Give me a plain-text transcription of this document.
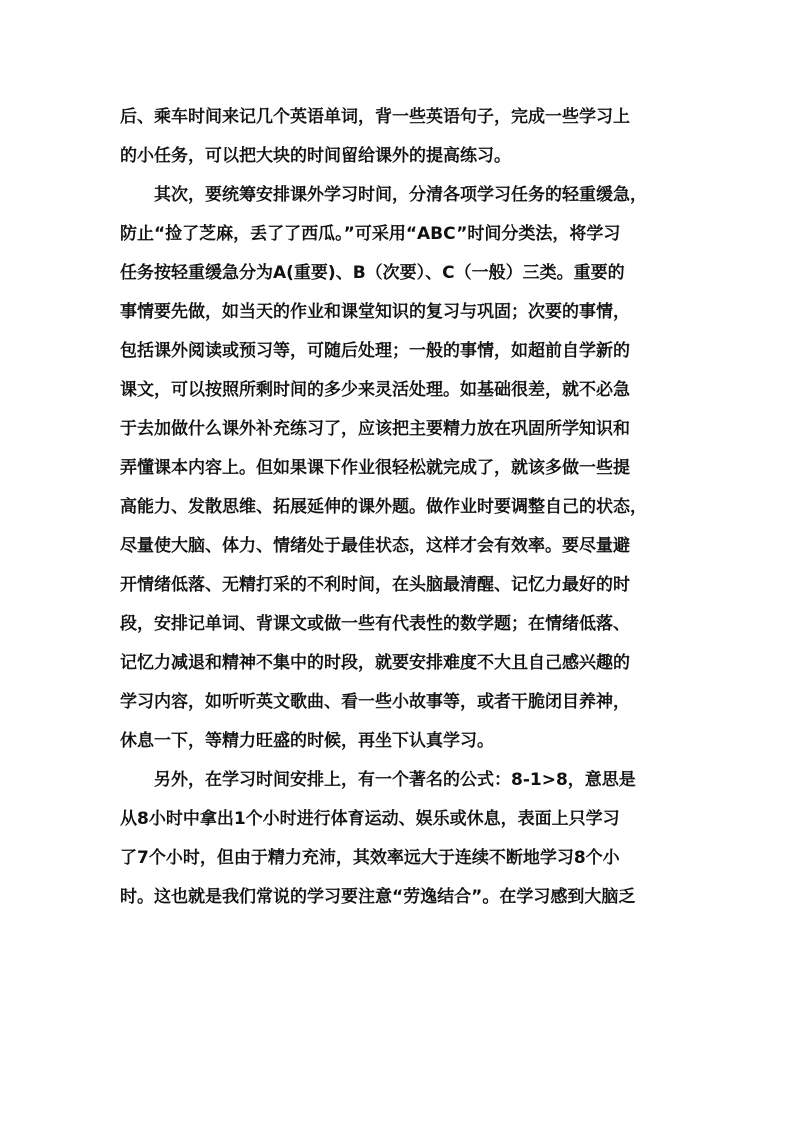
后、乘车时间来记几个英语单词，背一些英语句子，完成一些学习上
的小任务，可以把大块的时间留给课外的提高练习。
其次，要统筹安排课外学习时间，分清各项学习任务的轻重缓急，
防止“捡了芝麻，丢了了西瓜。”可采用“ABC”时间分类法，将学习
任务按轻重缓急分为A(重要)、B（次要）、C（一般）三类。重要的
事情要先做，如当天的作业和课堂知识的复习与巩固；次要的事情，
包括课外阅读或预习等，可随后处理；一般的事情，如超前自学新的
课文，可以按照所剩时间的多少来灵活处理。如基础很差，就不必急
于去加做什么课外补充练习了，应该把主要精力放在巩固所学知识和
弄懂课本内容上。但如果课下作业很轻松就完成了，就该多做一些提
高能力、发散思维、拓展延伸的课外题。做作业时要调整自己的状态，
尽量使大脑、体力、情绪处于最佳状态，这样才会有效率。要尽量避
开情绪低落、无精打采的不利时间，在头脑最清醒、记忆力最好的时
段，安排记单词、背课文或做一些有代表性的数学题；在情绪低落、
记忆力减退和精神不集中的时段，就要安排难度不大且自己感兴趣的
学习内容，如听听英文歌曲、看一些小故事等，或者干脆闭目养神，
休息一下，等精力旺盛的时候，再坐下认真学习。
另外，在学习时间安排上，有一个著名的公式：8-1>8，意思是
从8小时中拿出1个小时进行体育运动、娱乐或休息，表面上只学习
了7个小时，但由于精力充沛，其效率远大于连续不断地学习8个小
时。这也就是我们常说的学习要注意“劳逸结合”。在学习感到大脑乏
